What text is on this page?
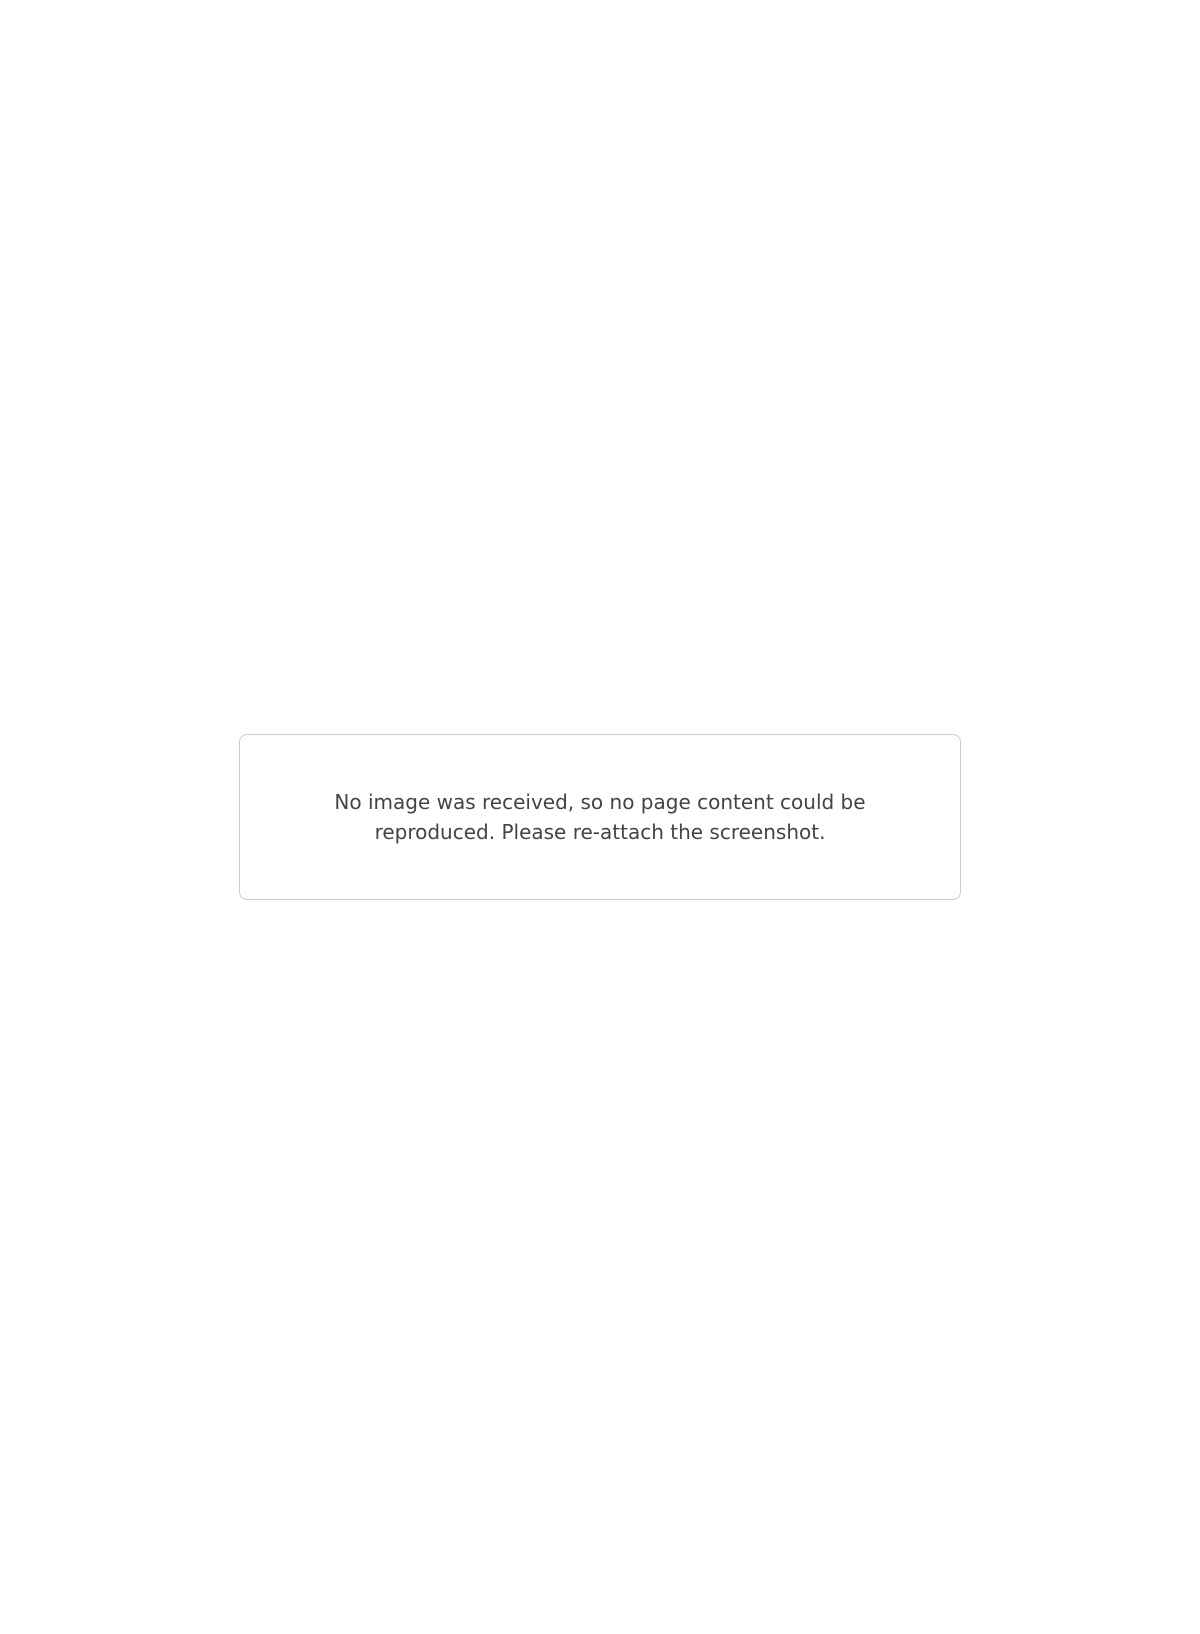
No image was received, so no page content could be reproduced. Please re-attach the screenshot.
